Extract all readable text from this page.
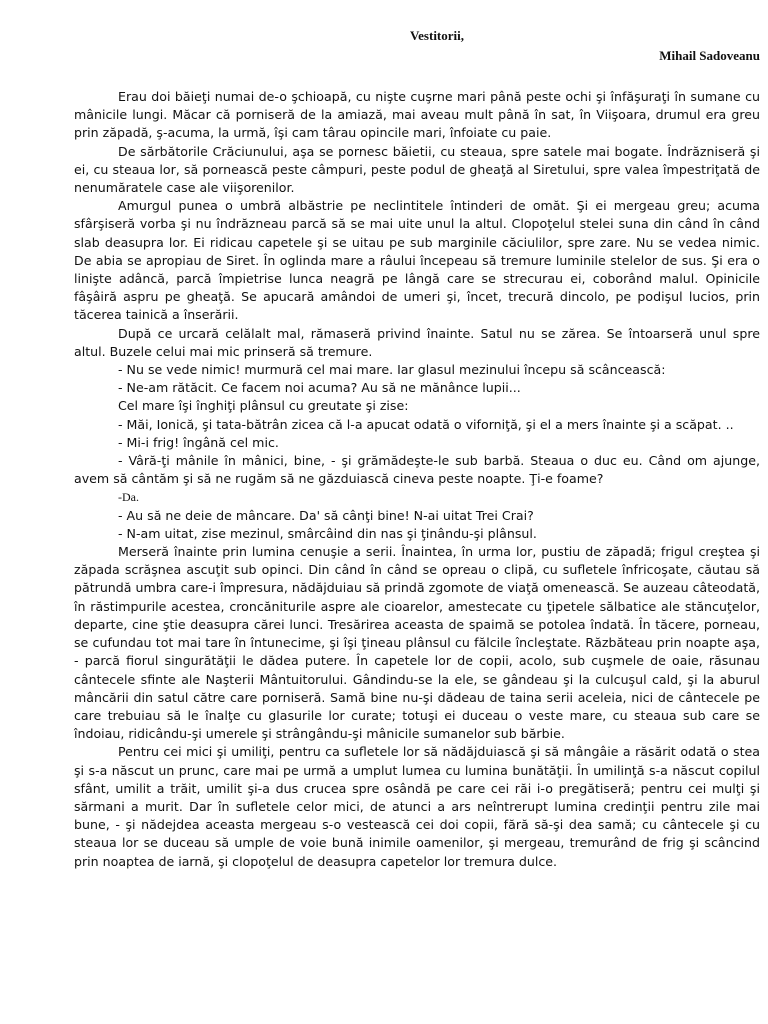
Vestitorii,
Mihail Sadoveanu

Erau doi băieţi numai de-o şchioapă, cu nişte cuşrne mari până peste ochi şi înfăşuraţi în sumane cu mânicile lungi. Măcar că porniseră de la amiază, mai aveau mult până în sat, în Viişoara, drumul era greu prin zăpadă, ş-acuma, la urmă, îşi cam târau opincile mari, înfoiate cu paie.

De sărbătorile Crăciunului, aşa se pornesc băietii, cu steaua, spre satele mai bogate. Îndrăzniseră şi ei, cu steaua lor, să pornească peste câmpuri, peste podul de gheaţă al Siretului, spre valea împestriţată de nenumăratele case ale viişorenilor.

Amurgul punea o umbră albăstrie pe neclintitele întinderi de omăt. Şi ei mergeau greu; acuma sfârşiseră vorba şi nu îndrăzneau parcă să se mai uite unul la altul. Clopoţelul stelei suna din când în când slab deasupra lor. Ei ridicau capetele şi se uitau pe sub marginile căciulilor, spre zare. Nu se vedea nimic. De abia se apropiau de Siret. În oglinda mare a râului începeau să tremure luminile stelelor de sus. Şi era o linişte adâncă, parcă împietrise lunca neagră pe lângă care se strecurau ei, coborând malul. Opinicile fâşâiră aspru pe gheaţă. Se apucară amândoi de umeri şi, încet, trecură dincolo, pe podişul lucios, prin tăcerea tainică a înserării.

După ce urcară celălalt mal, rămaseră privind înainte. Satul nu se zărea. Se întoarseră unul spre altul. Buzele celui mai mic prinseră să tremure.

- Nu se vede nimic! murmură cel mai mare. Iar glasul mezinului începu să scâncească:

- Ne-am rătăcit. Ce facem noi acuma? Au să ne mănânce lupii...

Cel mare îşi înghiţi plânsul cu greutate şi zise:

- Măi, Ionică, şi tata-bătrân zicea că l-a apucat odată o viforniţă, şi el a mers înainte şi a scăpat. ..

- Mi-i frig! îngână cel mic.

- Vâră-ţi mânile în mânici, bine, - şi grămădeşte-le sub barbă. Steaua o duc eu. Când om ajunge, avem să cântăm şi să ne rugăm să ne găzduiască cineva peste noapte. Ţi-e foame?

-Da.

- Au să ne deie de mâncare. Da' să cânţi bine! N-ai uitat Trei Crai?

- N-am uitat, zise mezinul, smârcâind din nas şi ţinându-şi plânsul.

Merseră înainte prin lumina cenuşie a serii. Înaintea, în urma lor, pustiu de zăpadă; frigul creştea şi zăpada scrăşnea ascuţit sub opinci. Din când în când se opreau o clipă, cu sufletele înfricoşate, căutau să pătrundă umbra care-i împresura, nădăjduiau să prindă zgomote de viaţă omenească. Se auzeau câteodată, în răstimpurile acestea, croncăniturile aspre ale cioarelor, amestecate cu ţipetele sălbatice ale stăncuţelor, departe, cine ştie deasupra cărei lunci. Tresărirea aceasta de spaimă se potolea îndată. În tăcere, porneau, se cufundau tot mai tare în întunecime, şi îşi ţineau plânsul cu fălcile încleştate. Răzbăteau prin noapte aşa, - parcă fiorul singurătăţii le dădea putere. În capetele lor de copii, acolo, sub cuşmele de oaie, răsunau cântecele sfinte ale Naşterii Mântuitorului. Gândindu-se la ele, se gândeau şi la culcuşul cald, şi la aburul mâncării din satul către care porniseră. Samă bine nu-şi dădeau de taina serii aceleia, nici de cântecele pe care trebuiau să le înalţe cu glasurile lor curate; totuşi ei duceau o veste mare, cu steaua sub care se îndoiau, ridicându-şi umerele şi strângându-şi mânicile sumanelor sub bărbie.

Pentru cei mici şi umiliţi, pentru ca sufletele lor să nădăjduiască şi să mângâie a răsărit odată o stea şi s-a născut un prunc, care mai pe urmă a umplut lumea cu lumina bunătăţii. În umilinţă s-a născut copilul sfânt, umilit a trăit, umilit şi-a dus crucea spre osândă pe care cei răi i-o pregătiseră; pentru cei mulţi şi sărmani a murit. Dar în sufletele celor mici, de atunci a ars neîntrerupt lumina credinţii pentru zile mai bune, - şi nădejdea aceasta mergeau s-o vestească cei doi copii, fără să-şi dea samă; cu cântecele şi cu steaua lor se duceau să umple de voie bună inimile oamenilor, şi mergeau, tremurând de frig şi scâncind prin noaptea de iarnă, şi clopoţelul de deasupra capetelor lor tremura dulce.
